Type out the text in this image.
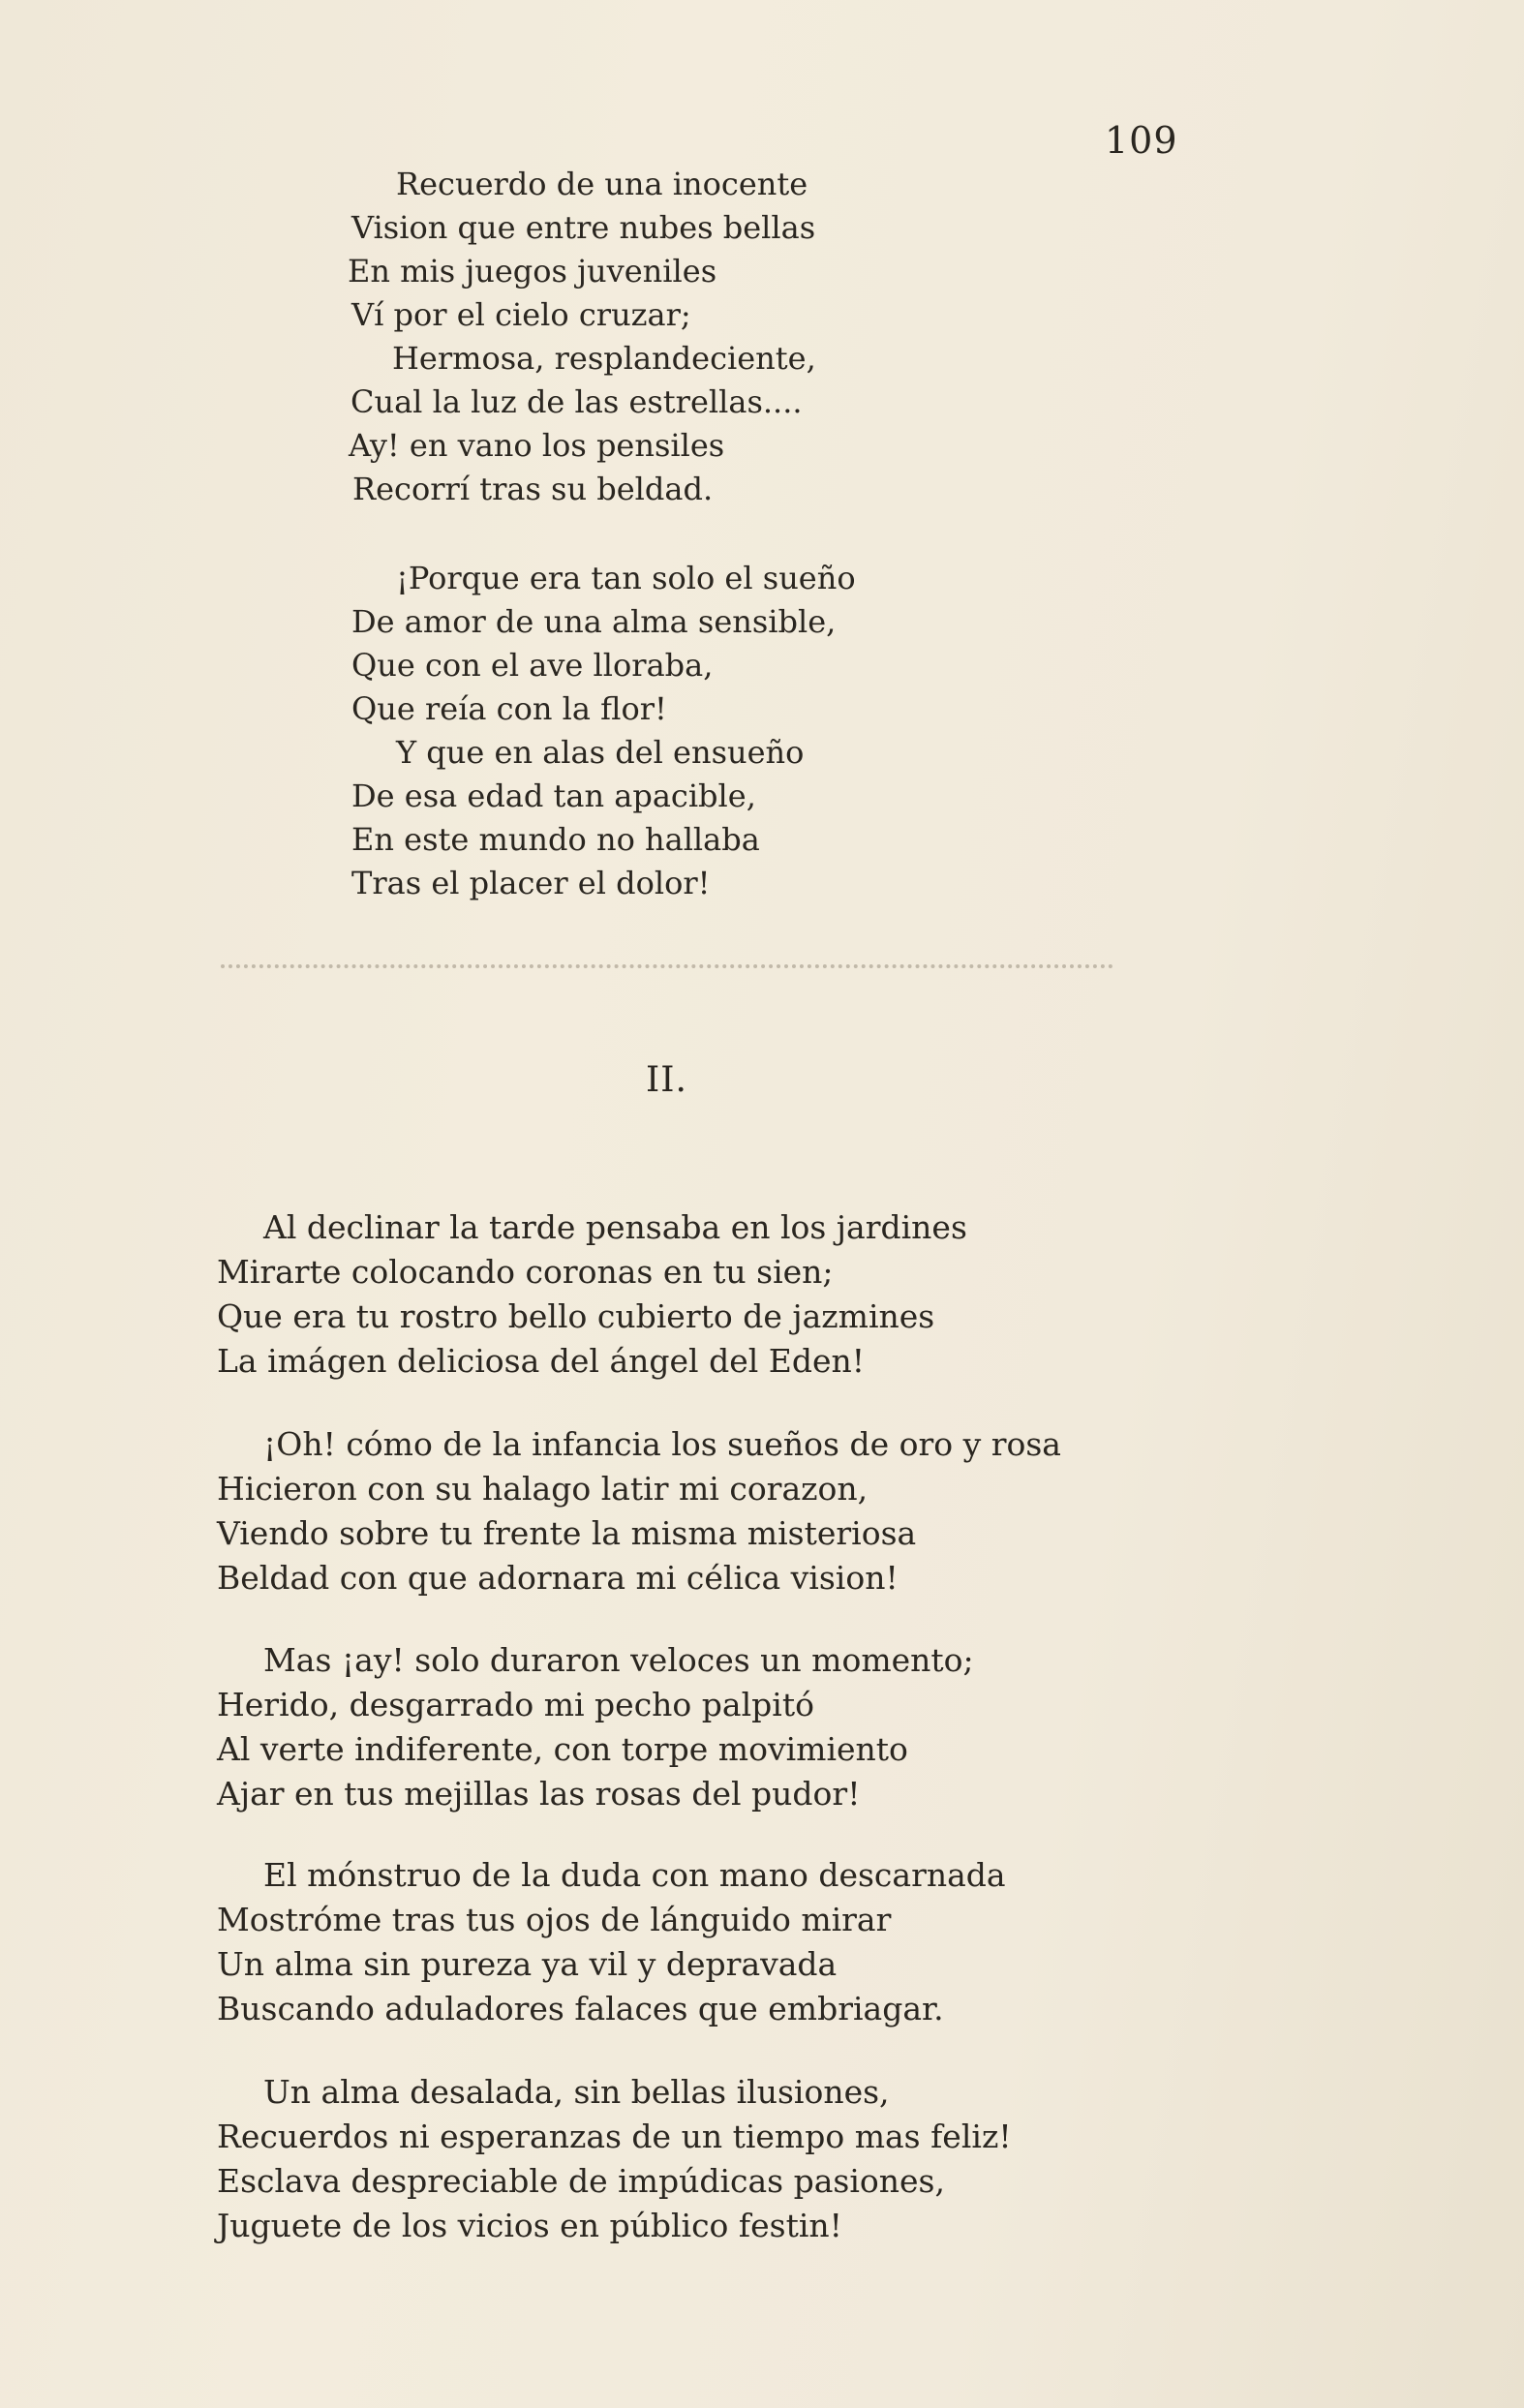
109
Recuerdo de una inocente
Vision que entre nubes bellas
En mis juegos juveniles
Ví por el cielo cruzar;
Hermosa, resplandeciente,
Cual la luz de las estrellas....
Ay! en vano los pensiles
Recorrí tras su beldad.
¡Porque era tan solo el sueño
De amor de una alma sensible,
Que con el ave lloraba,
Que reía con la flor!
Y que en alas del ensueño
De esa edad tan apacible,
En este mundo no hallaba
Tras el placer el dolor!
II.
Al declinar la tarde pensaba en los jardines
Mirarte colocando coronas en tu sien;
Que era tu rostro bello cubierto de jazmines
La imágen deliciosa del ángel del Eden!
¡Oh! cómo de la infancia los sueños de oro y rosa
Hicieron con su halago latir mi corazon,
Viendo sobre tu frente la misma misteriosa
Beldad con que adornara mi célica vision!
Mas ¡ay! solo duraron veloces un momento;
Herido, desgarrado mi pecho palpitó
Al verte indiferente, con torpe movimiento
Ajar en tus mejillas las rosas del pudor!
El mónstruo de la duda con mano descarnada
Mostróme tras tus ojos de lánguido mirar
Un alma sin pureza ya vil y depravada
Buscando aduladores falaces que embriagar.
Un alma desalada, sin bellas ilusiones,
Recuerdos ni esperanzas de un tiempo mas feliz!
Esclava despreciable de impúdicas pasiones,
Juguete de los vicios en público festin!
